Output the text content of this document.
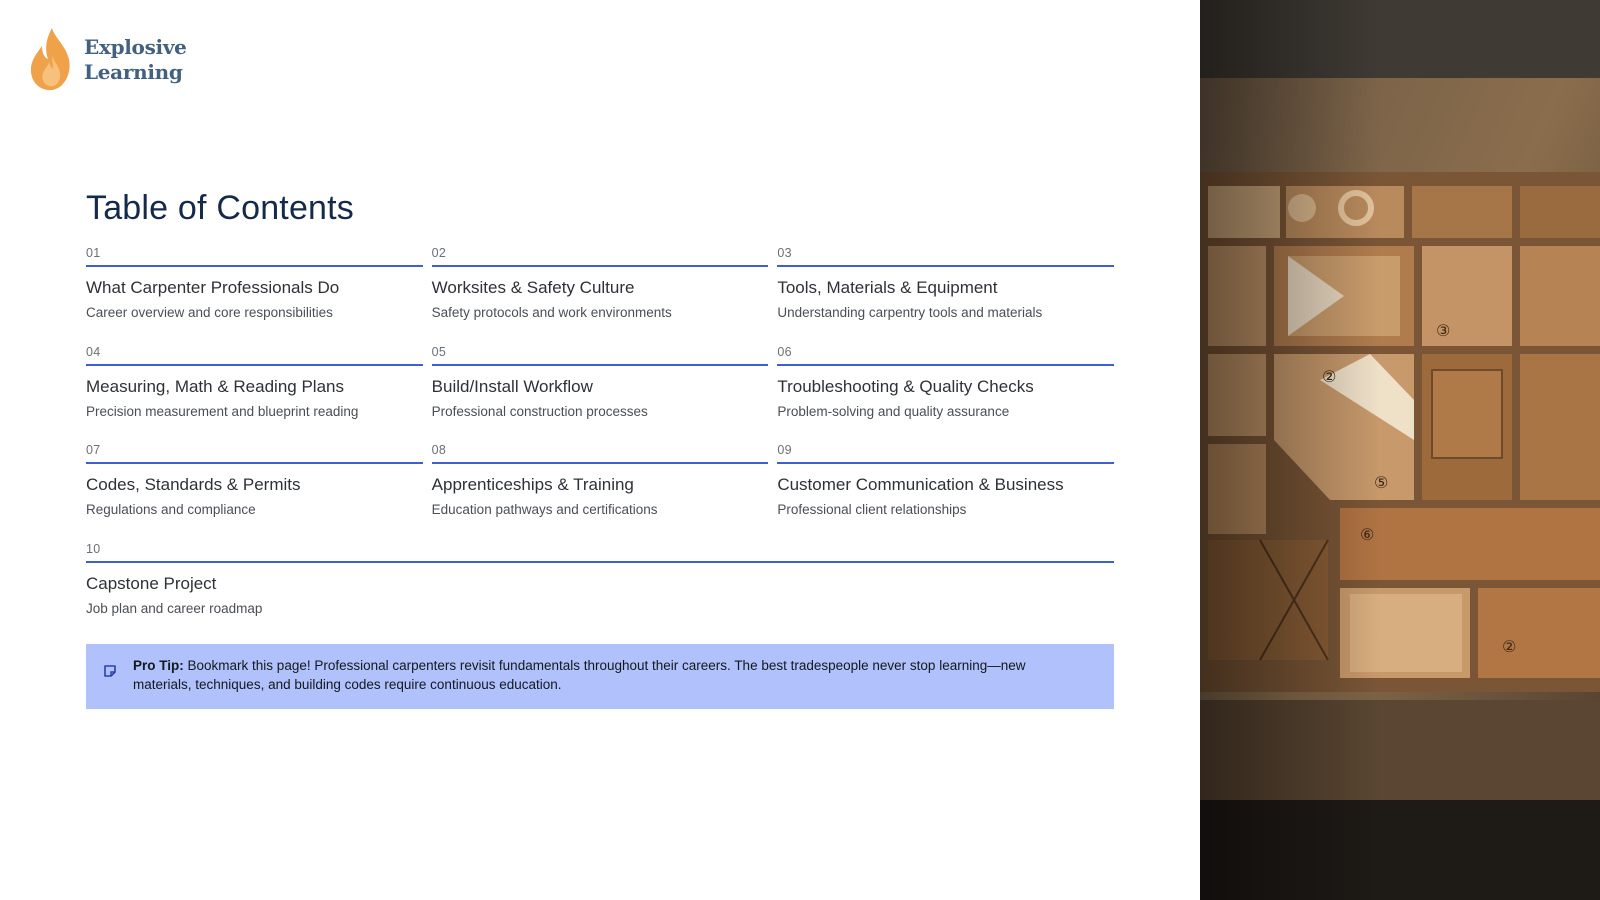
Explosive
Learning
Table of Contents
01
What Carpenter Professionals Do
Career overview and core responsibilities
02
Worksites & Safety Culture
Safety protocols and work environments
03
Tools, Materials & Equipment
Understanding carpentry tools and materials
04
Measuring, Math & Reading Plans
Precision measurement and blueprint reading
05
Build/Install Workflow
Professional construction processes
06
Troubleshooting & Quality Checks
Problem-solving and quality assurance
07
Codes, Standards & Permits
Regulations and compliance
08
Apprenticeships & Training
Education pathways and certifications
09
Customer Communication & Business
Professional client relationships
10
Capstone Project
Job plan and career roadmap
Pro Tip: Bookmark this page! Professional carpenters revisit fundamentals throughout their careers. The best tradespeople never stop learning—new materials, techniques, and building codes require continuous education.
